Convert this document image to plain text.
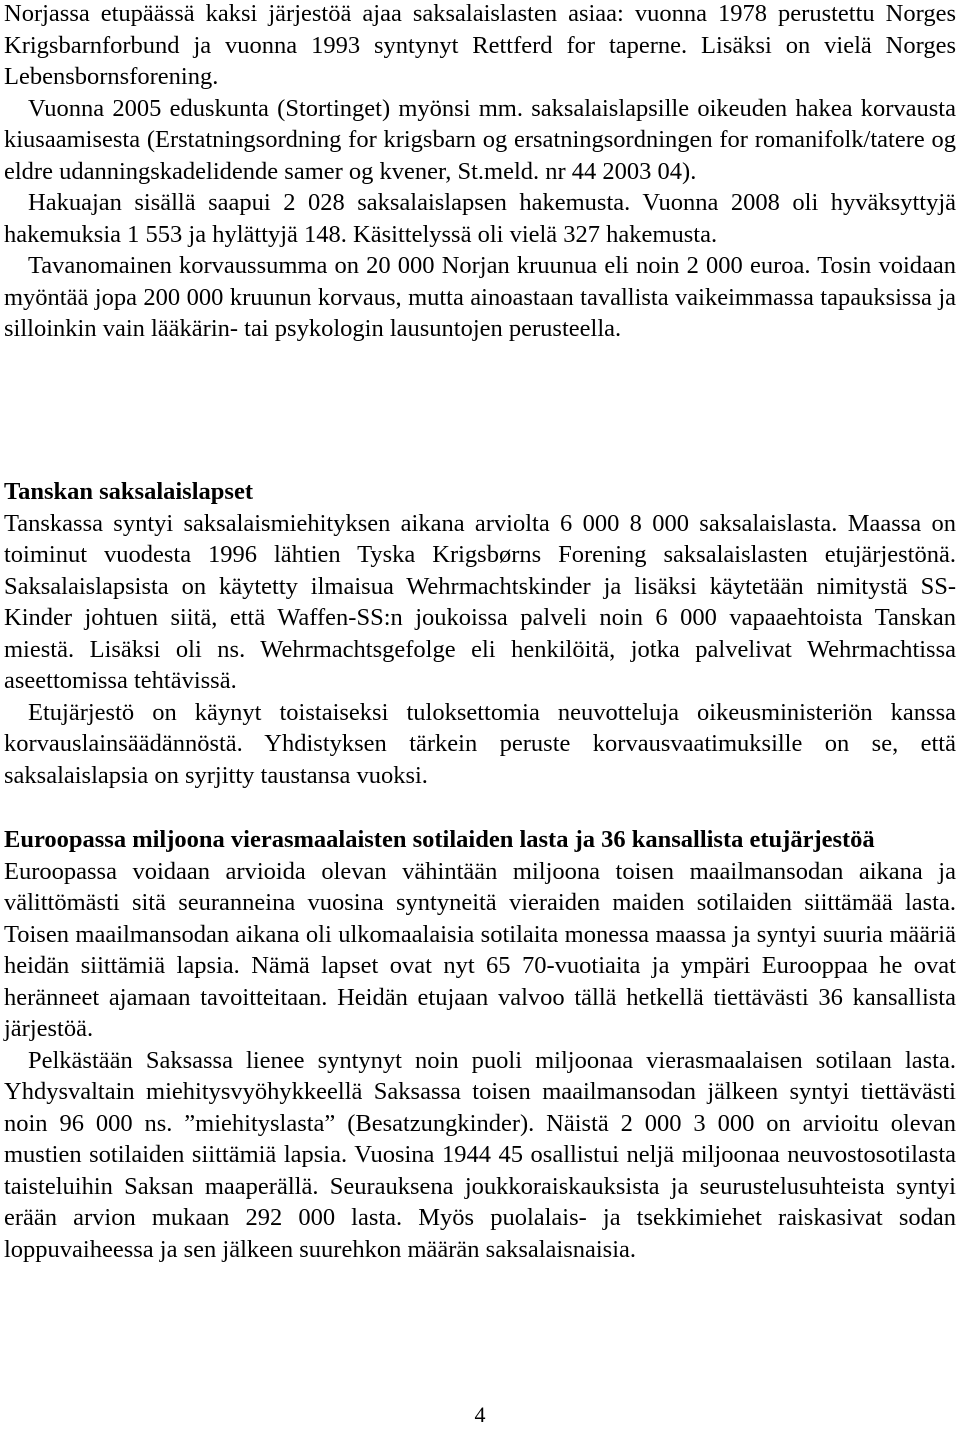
Norjassa etupäässä kaksi järjestöä ajaa saksalaislasten asiaa: vuonna 1978 perustettu Norges Krigsbarnforbund ja vuonna 1993 syntynyt Rettferd for taperne. Lisäksi on vielä Norges Lebensbornsforening.

Vuonna 2005 eduskunta (Stortinget) myönsi mm. saksalaislapsille oikeuden hakea korvausta kiusaamisesta (Erstatningsordning for krigsbarn og ersatningsordningen for romanifolk/tatere og eldre udanningskadelidende samer og kvener, St.meld. nr 44 2003 04).

Hakuajan sisällä saapui 2 028 saksalaislapsen hakemusta. Vuonna 2008 oli hyväksyttyjä hakemuksia 1 553 ja hylättyjä 148. Käsittelyssä oli vielä 327 hakemusta.

Tavanomainen korvaussumma on 20 000 Norjan kruunua eli noin 2 000 euroa. Tosin voidaan myöntää jopa 200 000 kruunun korvaus, mutta ainoastaan tavallista vaikeimmassa tapauksissa ja silloinkin vain lääkärin- tai psykologin lausuntojen perusteella.

Tanskan saksalaislapset

Tanskassa syntyi saksalaismiehityksen aikana arviolta 6 000 8 000 saksalaislasta. Maassa on toiminut vuodesta 1996 lähtien Tyska Krigsbørns Forening saksalaislasten etujärjestönä. Saksalaislapsista on käytetty ilmaisua Wehrmachtskinder ja lisäksi käytetään nimitystä SS-Kinder johtuen siitä, että Waffen-SS:n joukoissa palveli noin 6 000 vapaaehtoista Tanskan miestä. Lisäksi oli ns. Wehrmachtsgefolge eli henkilöitä, jotka palvelivat Wehrmachtissa aseettomissa tehtävissä.

Etujärjestö on käynyt toistaiseksi tuloksettomia neuvotteluja oikeusministeriön kanssa korvauslainsäädännöstä. Yhdistyksen tärkein peruste korvausvaatimuksille on se, että saksalaislapsia on syrjitty taustansa vuoksi.

Euroopassa miljoona vierasmaalaisten sotilaiden lasta ja 36 kansallista etujärjestöä

Euroopassa voidaan arvioida olevan vähintään miljoona toisen maailmansodan aikana ja välittömästi sitä seuranneina vuosina syntyneitä vieraiden maiden sotilaiden siittämää lasta. Toisen maailmansodan aikana oli ulkomaalaisia sotilaita monessa maassa ja syntyi suuria määriä heidän siittämiä lapsia. Nämä lapset ovat nyt 65 70-vuotiaita ja ympäri Eurooppaa he ovat heränneet ajamaan tavoitteitaan. Heidän etujaan valvoo tällä hetkellä tiettävästi 36 kansallista järjestöä.

Pelkästään Saksassa lienee syntynyt noin puoli miljoonaa vierasmaalaisen sotilaan lasta. Yhdysvaltain miehitysvyöhykkeellä Saksassa toisen maailmansodan jälkeen syntyi tiettävästi noin 96 000 ns. ”miehityslasta” (Besatzungkinder). Näistä 2 000 3 000 on arvioitu olevan mustien sotilaiden siittämiä lapsia. Vuosina 1944 45 osallistui neljä miljoonaa neuvostosotilasta taisteluihin Saksan maaperällä. Seurauksena joukkoraiskauksista ja seurustelusuhteista syntyi erään arvion mukaan 292 000 lasta. Myös puolalais- ja tsekkimiehet raiskasivat sodan loppuvaiheessa ja sen jälkeen suurehkon määrän saksalaisnaisia.

4
